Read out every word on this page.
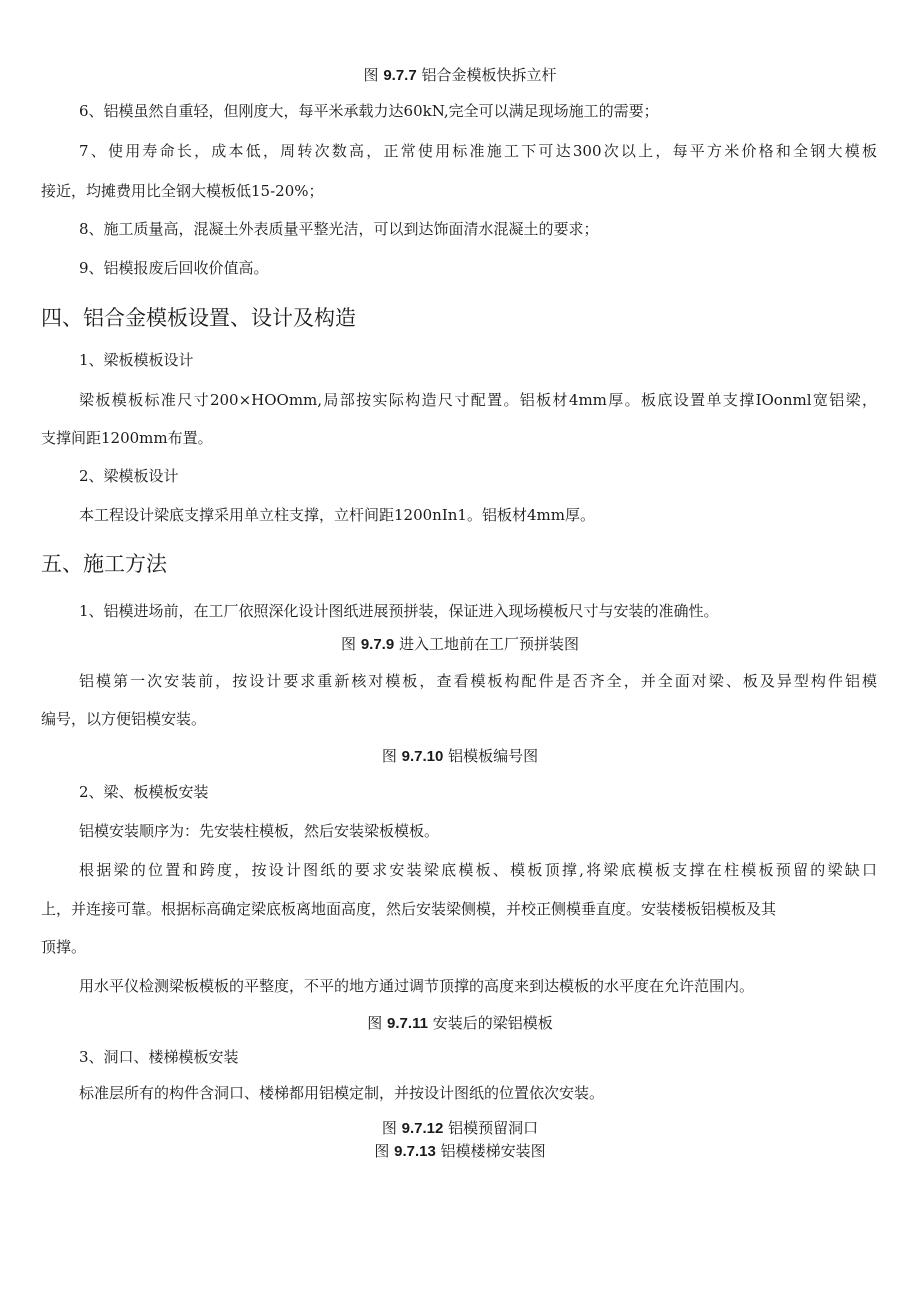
图 9.7.7 铝合金模板快拆立杆
6、铝模虽然自重轻，但刚度大，每平米承载力达60kN,完全可以满足现场施工的需要；
7、使用寿命长，成本低，周转次数高，正常使用标准施工下可达300次以上，每平方米价格和全钢大模板
接近，均摊费用比全钢大模板低15-20%；
8、施工质量高，混凝土外表质量平整光洁，可以到达饰面清水混凝土的要求；
9、铝模报废后回收价值高。
四、铝合金模板设置、设计及构造
1、梁板模板设计
梁板模板标准尺寸200×HOOmm,局部按实际构造尺寸配置。铝板材4mm厚。板底设置单支撑IOonml宽铝梁，
支撑间距1200mm布置。
2、梁模板设计
本工程设计梁底支撑采用单立柱支撑，立杆间距1200nIn1。铝板材4mm厚。
五、施工方法
1、铝模进场前，在工厂依照深化设计图纸进展预拼装，保证进入现场模板尺寸与安装的准确性。
图 9.7.9 进入工地前在工厂预拼装图
铝模第一次安装前，按设计要求重新核对模板，查看模板构配件是否齐全，并全面对梁、板及异型构件铝模
编号，以方便铝模安装。
图 9.7.10 铝模板编号图
2、梁、板模板安装
铝模安装顺序为：先安装柱模板，然后安装梁板模板。
根据梁的位置和跨度，按设计图纸的要求安装梁底模板、模板顶撑,将梁底模板支撑在柱模板预留的梁缺口
上，并连接可靠。根据标高确定梁底板离地面高度，然后安装梁侧模，并校正侧模垂直度。安装楼板铝模板及其
顶撑。
用水平仪检测梁板模板的平整度，不平的地方通过调节顶撑的高度来到达模板的水平度在允许范围内。
图 9.7.11 安装后的梁铝模板
3、洞口、楼梯模板安装
标准层所有的构件含洞口、楼梯都用铝模定制，并按设计图纸的位置依次安装。
图 9.7.12 铝模预留洞口
图 9.7.13 铝模楼梯安装图
